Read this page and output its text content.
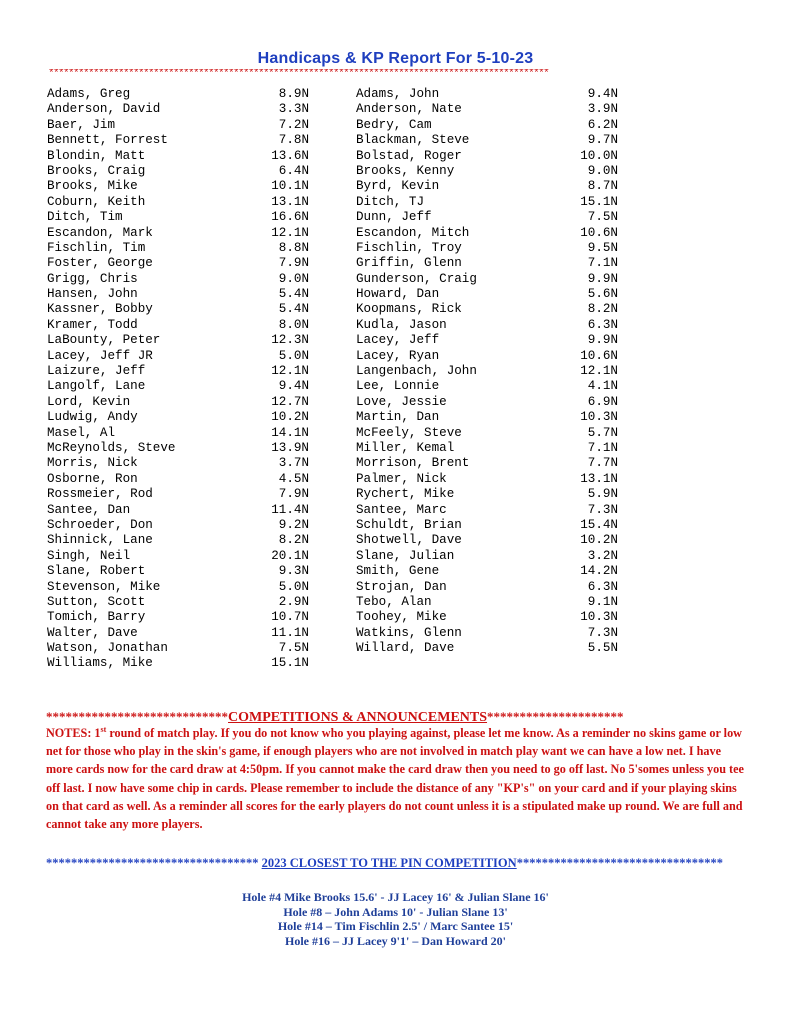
Handicaps & KP Report For 5-10-23
****************************************************************************************************
Adams, Greg	8.9N
Anderson, David	3.3N
Baer, Jim	7.2N
Bennett, Forrest	7.8N
Blondin, Matt	13.6N
Brooks, Craig	6.4N
Brooks, Mike	10.1N
Coburn, Keith	13.1N
Ditch, Tim	16.6N
Escandon, Mark	12.1N
Fischlin, Tim	8.8N
Foster, George	7.9N
Grigg, Chris	9.0N
Hansen, John	5.4N
Kassner, Bobby	5.4N
Kramer, Todd	8.0N
LaBounty, Peter	12.3N
Lacey, Jeff JR	5.0N
Laizure, Jeff	12.1N
Langolf, Lane	9.4N
Lord, Kevin	12.7N
Ludwig, Andy	10.2N
Masel, Al	14.1N
McReynolds, Steve	13.9N
Morris, Nick	3.7N
Osborne, Ron	4.5N
Rossmeier, Rod	7.9N
Santee, Dan	11.4N
Schroeder, Don	9.2N
Shinnick, Lane	8.2N
Singh, Neil	20.1N
Slane, Robert	9.3N
Stevenson, Mike	5.0N
Sutton, Scott	2.9N
Tomich, Barry	10.7N
Walter, Dave	11.1N
Watson, Jonathan	7.5N
Williams, Mike	15.1N
Adams, John	9.4N
Anderson, Nate	3.9N
Bedry, Cam	6.2N
Blackman, Steve	9.7N
Bolstad, Roger	10.0N
Brooks, Kenny	9.0N
Byrd, Kevin	8.7N
Ditch, TJ	15.1N
Dunn, Jeff	7.5N
Escandon, Mitch	10.6N
Fischlin, Troy	9.5N
Griffin, Glenn	7.1N
Gunderson, Craig	9.9N
Howard, Dan	5.6N
Koopmans, Rick	8.2N
Kudla, Jason	6.3N
Lacey, Jeff	9.9N
Lacey, Ryan	10.6N
Langenbach, John	12.1N
Lee, Lonnie	4.1N
Love, Jessie	6.9N
Martin, Dan	10.3N
McFeely, Steve	5.7N
Miller, Kemal	7.1N
Morrison, Brent	7.7N
Palmer, Nick	13.1N
Rychert, Mike	5.9N
Santee, Marc	7.3N
Schuldt, Brian	15.4N
Shotwell, Dave	10.2N
Slane, Julian	3.2N
Smith, Gene	14.2N
Strojan, Dan	6.3N
Tebo, Alan	9.1N
Toohey, Mike	10.3N
Watkins, Glenn	7.3N
Willard, Dave	5.5N
****************************COMPETITIONS & ANNOUNCEMENTS*********************
NOTES: 1st round of match play. If you do not know who you playing against, please let me know. As a reminder no skins game or low net for those who play in the skin's game, if enough players who are not involved in match play want we can have a low net. I have more cards now for the card draw at 4:50pm. If you cannot make the card draw then you need to go off last. No 5'somes unless you tee off last. I now have some chip in cards. Please remember to include the distance of any "KP's" on your card and if your playing skins on that card as well. As a reminder all scores for the early players do not count unless it is a stipulated make up round. We are full and cannot take any more players.
********************************** 2023 CLOSEST TO THE PIN COMPETITION*********************************
Hole #4 Mike Brooks 15.6' - JJ Lacey 16' & Julian Slane 16'
Hole #8 – John Adams 10' - Julian Slane 13'
Hole #14 – Tim Fischlin 2.5' / Marc Santee 15'
Hole #16 – JJ Lacey 9'1' – Dan Howard 20'
